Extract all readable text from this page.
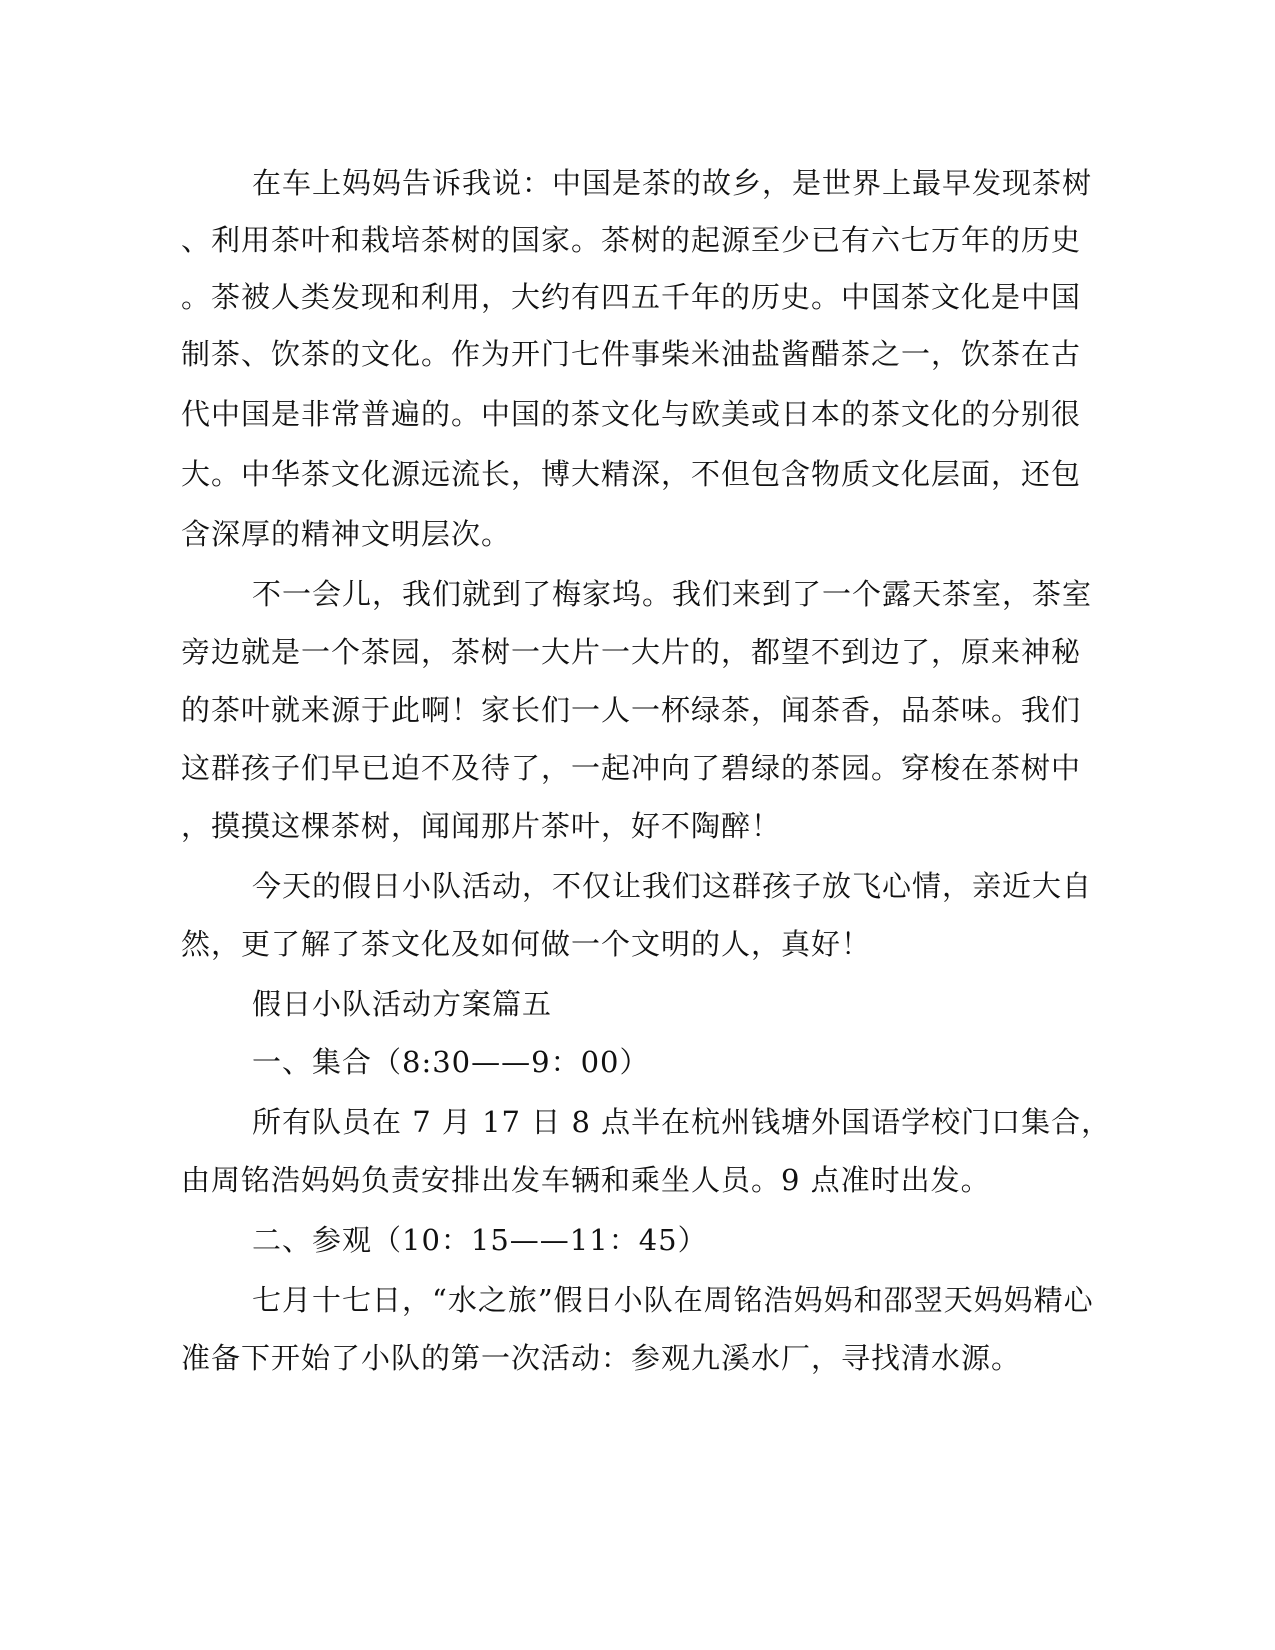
在车上妈妈告诉我说：中国是茶的故乡，是世界上最早发现茶树
、利用茶叶和栽培茶树的国家。茶树的起源至少已有六七万年的历史
。茶被人类发现和利用，大约有四五千年的历史。中国茶文化是中国
制茶、饮茶的文化。作为开门七件事柴米油盐酱醋茶之一，饮茶在古
代中国是非常普遍的。中国的茶文化与欧美或日本的茶文化的分别很
大。中华茶文化源远流长，博大精深，不但包含物质文化层面，还包
含深厚的精神文明层次。
不一会儿，我们就到了梅家坞。我们来到了一个露天茶室，茶室
旁边就是一个茶园，茶树一大片一大片的，都望不到边了，原来神秘
的茶叶就来源于此啊！家长们一人一杯绿茶，闻茶香，品茶味。我们
这群孩子们早已迫不及待了，一起冲向了碧绿的茶园。穿梭在茶树中
，摸摸这棵茶树，闻闻那片茶叶，好不陶醉！
今天的假日小队活动，不仅让我们这群孩子放飞心情，亲近大自
然，更了解了茶文化及如何做一个文明的人，真好！
假日小队活动方案篇五
一、集合（8:30——9：00）
所有队员在 7 月 17 日 8 点半在杭州钱塘外国语学校门口集合，
由周铭浩妈妈负责安排出发车辆和乘坐人员。9 点准时出发。
二、参观（10：15——11：45）
七月十七日，“水之旅”假日小队在周铭浩妈妈和邵翌天妈妈精心
准备下开始了小队的第一次活动：参观九溪水厂，寻找清水源。
